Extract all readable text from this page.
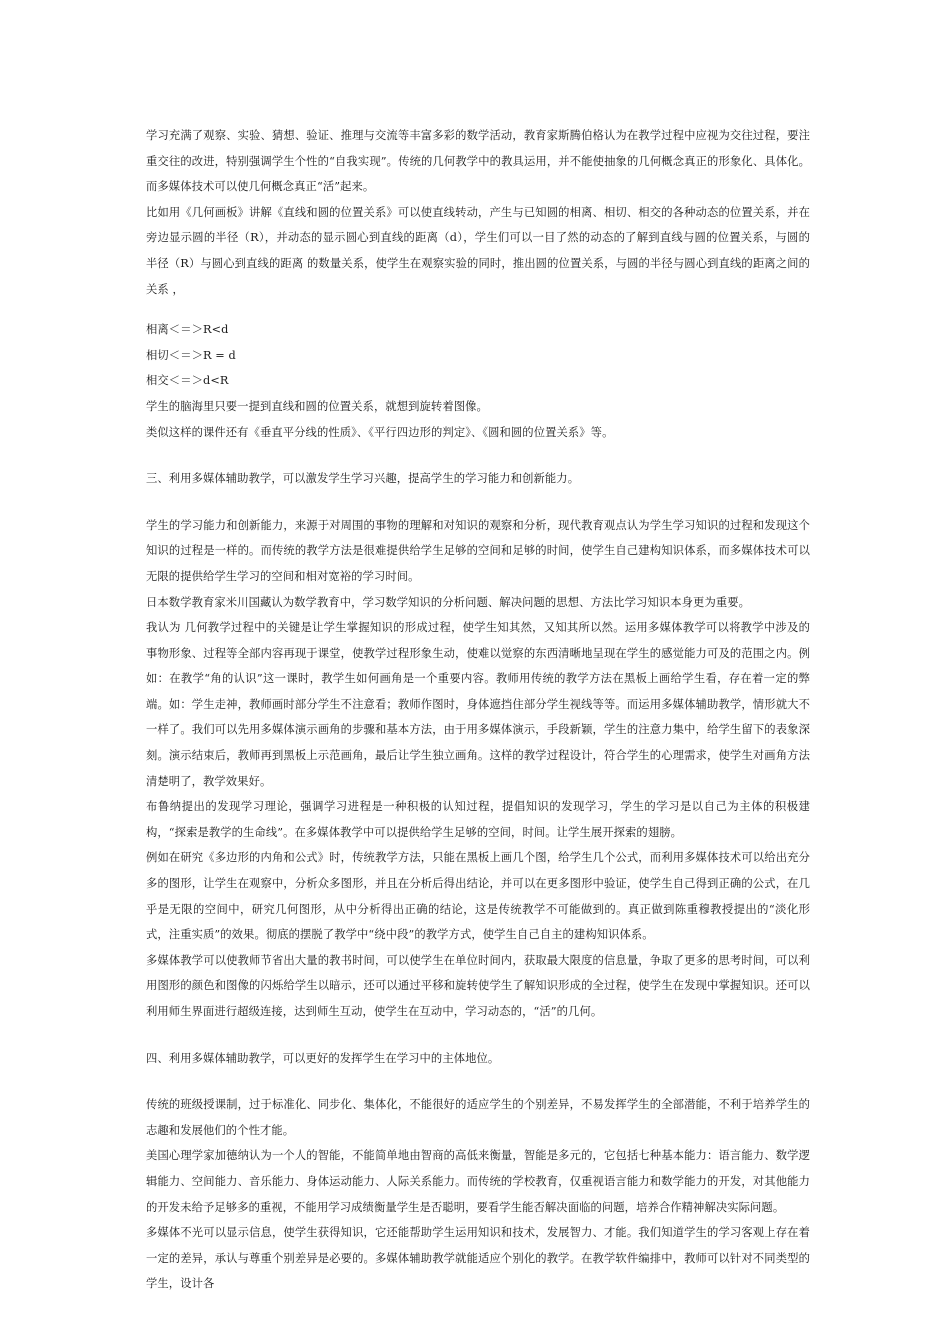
学习充满了观察、实验、猜想、验证、推理与交流等丰富多彩的数学活动，教育家斯腾伯格认为在教学过程中应视为交往过程，要注重交往的改进，特别强调学生个性的“自我实现”。传统的几何教学中的教具运用，并不能使抽象的几何概念真正的形象化、具体化。而多媒体技术可以使几何概念真正“活”起来。

比如用《几何画板》讲解《直线和圆的位置关系》可以使直线转动，产生与已知圆的相离、相切、相交的各种动态的位置关系，并在旁边显示圆的半径（R），并动态的显示圆心到直线的距离（d），学生们可以一目了然的动态的了解到直线与圆的位置关系，与圆的半径（R）与圆心到直线的距离 的数量关系，使学生在观察实验的同时，推出圆的位置关系，与圆的半径与圆心到直线的距离之间的关系 ，

相离＜＝＞R<d

相切＜＝＞R = d

相交＜＝＞d<R

学生的脑海里只要一提到直线和圆的位置关系，就想到旋转着图像。

类似这样的课件还有《垂直平分线的性质》、《平行四边形的判定》、《圆和圆的位置关系》等。

三、利用多媒体辅助教学，可以激发学生学习兴趣，提高学生的学习能力和创新能力。

学生的学习能力和创新能力，来源于对周围的事物的理解和对知识的观察和分析，现代教育观点认为学生学习知识的过程和发现这个知识的过程是一样的。而传统的教学方法是很难提供给学生足够的空间和足够的时间，使学生自己建构知识体系，而多媒体技术可以无限的提供给学生学习的空间和相对宽裕的学习时间。

日本数学教育家米川国藏认为数学教育中，学习数学知识的分析问题、解决问题的思想、方法比学习知识本身更为重要。

我认为 几何教学过程中的关键是让学生掌握知识的形成过程，使学生知其然，又知其所以然。运用多媒体教学可以将教学中涉及的事物形象、过程等全部内容再现于课堂，使教学过程形象生动，使难以觉察的东西清晰地呈现在学生的感觉能力可及的范围之内。例如：在教学“角的认识”这一课时，教学生如何画角是一个重要内容。教师用传统的教学方法在黑板上画给学生看，存在着一定的弊端。如：学生走神，教师画时部分学生不注意看；教师作图时，身体遮挡住部分学生视线等等。而运用多媒体辅助教学，情形就大不一样了。我们可以先用多媒体演示画角的步骤和基本方法，由于用多媒体演示，手段新颖，学生的注意力集中，给学生留下的表象深刻。演示结束后，教师再到黑板上示范画角，最后让学生独立画角。这样的教学过程设计，符合学生的心理需求，使学生对画角方法清楚明了，教学效果好。

布鲁纳提出的发现学习理论，强调学习进程是一种积极的认知过程，提倡知识的发现学习，学生的学习是以自己为主体的积极建构，“探索是教学的生命线”。在多媒体教学中可以提供给学生足够的空间，时间。让学生展开探索的翅膀。

例如在研究《多边形的内角和公式》时，传统教学方法，只能在黑板上画几个图，给学生几个公式，而利用多媒体技术可以给出充分多的图形，让学生在观察中，分析众多图形，并且在分析后得出结论，并可以在更多图形中验证，使学生自己得到正确的公式，在几乎是无限的空间中，研究几何图形，从中分析得出正确的结论，这是传统教学不可能做到的。真正做到陈重穆教授提出的“淡化形式，注重实质”的效果。彻底的摆脱了教学中“绕中段”的教学方式，使学生自己自主的建构知识体系。

多媒体教学可以使教师节省出大量的教书时间，可以使学生在单位时间内，获取最大限度的信息量，争取了更多的思考时间，可以利用图形的颜色和图像的闪烁给学生以暗示，还可以通过平移和旋转使学生了解知识形成的全过程，使学生在发现中掌握知识。还可以利用师生界面进行超级连接，达到师生互动，使学生在互动中，学习动态的，“活”的几何。

四、利用多媒体辅助教学，可以更好的发挥学生在学习中的主体地位。

传统的班级授课制，过于标准化、同步化、集体化，不能很好的适应学生的个别差异，不易发挥学生的全部潜能，不利于培养学生的志趣和发展他们的个性才能。

美国心理学家加德纳认为一个人的智能，不能简单地由智商的高低来衡量，智能是多元的，它包括七种基本能力：语言能力、数学逻辑能力、空间能力、音乐能力、身体运动能力、人际关系能力。而传统的学校教育，仅重视语言能力和数学能力的开发，对其他能力的开发未给予足够多的重视，不能用学习成绩衡量学生是否聪明，要看学生能否解决面临的问题，培养合作精神解决实际问题。

多媒体不光可以显示信息，使学生获得知识，它还能帮助学生运用知识和技术，发展智力、才能。我们知道学生的学习客观上存在着一定的差异，承认与尊重个别差异是必要的。多媒体辅助教学就能适应个别化的教学。在教学软件编排中，教师可以针对不同类型的学生，设计各
